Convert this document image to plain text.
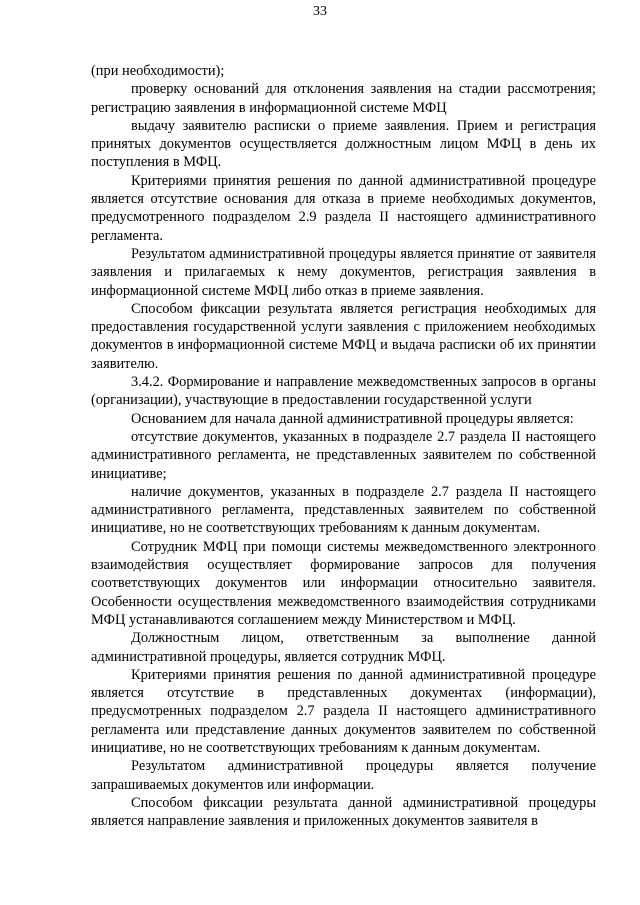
33

(при необходимости);

проверку оснований для отклонения заявления на стадии рассмотрения; регистрацию заявления в информационной системе МФЦ

выдачу заявителю расписки о приеме заявления. Прием и регистрация принятых документов осуществляется должностным лицом МФЦ в день их поступления в МФЦ.

Критериями принятия решения по данной административной процедуре является отсутствие основания для отказа в приеме необходимых документов, предусмотренного подразделом 2.9 раздела II настоящего административного регламента.

Результатом административной процедуры является принятие от заявителя заявления и прилагаемых к нему документов, регистрация заявления в информационной системе МФЦ либо отказ в приеме заявления.

Способом фиксации результата является регистрация необходимых для предоставления государственной услуги заявления с приложением необходимых документов в информационной системе МФЦ и выдача расписки об их принятии заявителю.

3.4.2. Формирование и направление межведомственных запросов в органы (организации), участвующие в предоставлении государственной услуги

Основанием для начала данной административной процедуры является:

отсутствие документов, указанных в подразделе 2.7 раздела II настоящего административного регламента, не представленных заявителем по собственной инициативе;

наличие документов, указанных в подразделе 2.7 раздела II настоящего административного регламента, представленных заявителем по собственной инициативе, но не соответствующих требованиям к данным документам.

Сотрудник МФЦ при помощи системы межведомственного электронного взаимодействия осуществляет формирование запросов для получения соответствующих документов или информации относительно заявителя. Особенности осуществления межведомственного взаимодействия сотрудниками МФЦ устанавливаются соглашением между Министерством и МФЦ.

Должностным лицом, ответственным за выполнение данной административной процедуры, является сотрудник МФЦ.

Критериями принятия решения по данной административной процедуре является отсутствие в представленных документах (информации), предусмотренных подразделом 2.7 раздела II настоящего административного регламента или представление данных документов заявителем по собственной инициативе, но не соответствующих требованиям к данным документам.

Результатом административной процедуры является получение запрашиваемых документов или информации.

Способом фиксации результата данной административной процедуры является направление заявления и приложенных документов заявителя в
